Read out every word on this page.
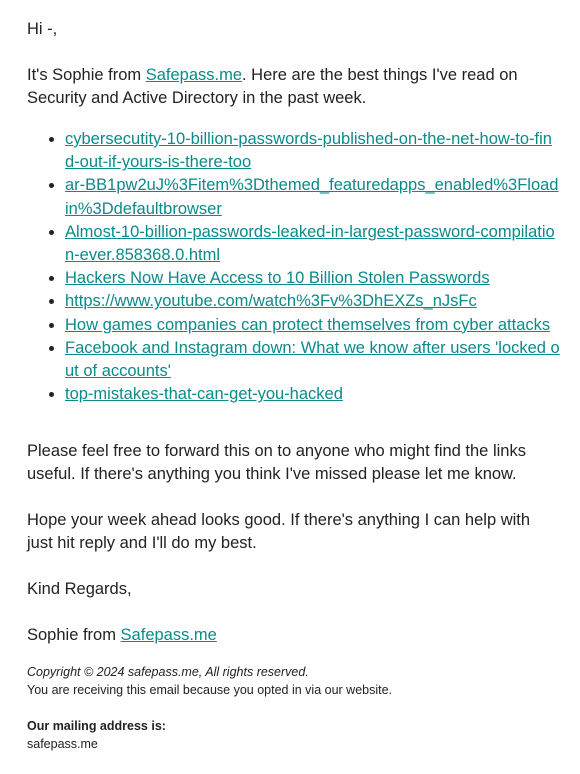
Hi -,

It's Sophie from Safepass.me. Here are the best things I've read on Security and Active Directory in the past week.

• cybersecutity-10-billion-passwords-published-on-the-net-how-to-find-out-if-yours-is-there-too
• ar-BB1pw2uJ%3Fitem%3Dthemed_featuredapps_enabled%3Floadin%3Ddefaultbrowser
• Almost-10-billion-passwords-leaked-in-largest-password-compilation-ever.858368.0.html
• Hackers Now Have Access to 10 Billion Stolen Passwords
• https://www.youtube.com/watch%3Fv%3DhEXZs_nJsFc
• How games companies can protect themselves from cyber attacks
• Facebook and Instagram down: What we know after users 'locked out of accounts'
• top-mistakes-that-can-get-you-hacked

Please feel free to forward this on to anyone who might find the links useful. If there's anything you think I've missed please let me know.

Hope your week ahead looks good. If there's anything I can help with just hit reply and I'll do my best.

Kind Regards,

Sophie from Safepass.me

Copyright © 2024 safepass.me, All rights reserved.
You are receiving this email because you opted in via our website.
Our mailing address is:
safepass.me
